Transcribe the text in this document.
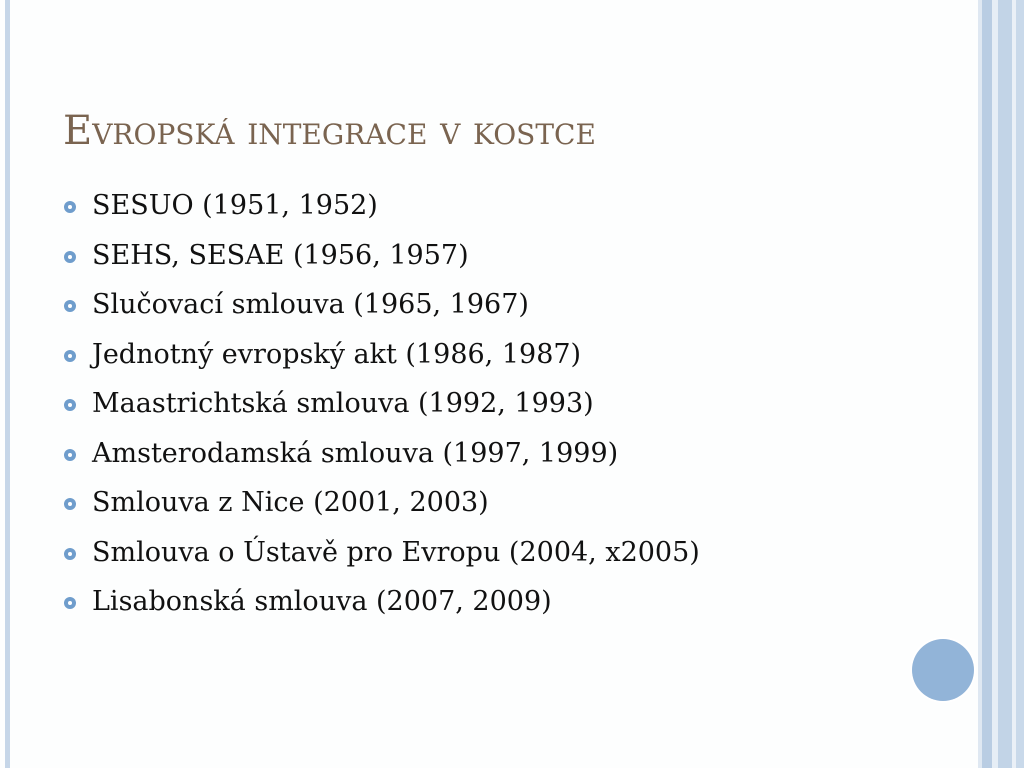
Evropská integrace v kostce
SESUO (1951, 1952)
SEHS, SESAE (1956, 1957)
Slučovací smlouva (1965, 1967)
Jednotný evropský akt (1986, 1987)
Maastrichtská smlouva (1992, 1993)
Amsterodamská smlouva (1997, 1999)
Smlouva z Nice (2001, 2003)
Smlouva o Ústavě pro Evropu (2004, x2005)
Lisabonská smlouva (2007, 2009)
